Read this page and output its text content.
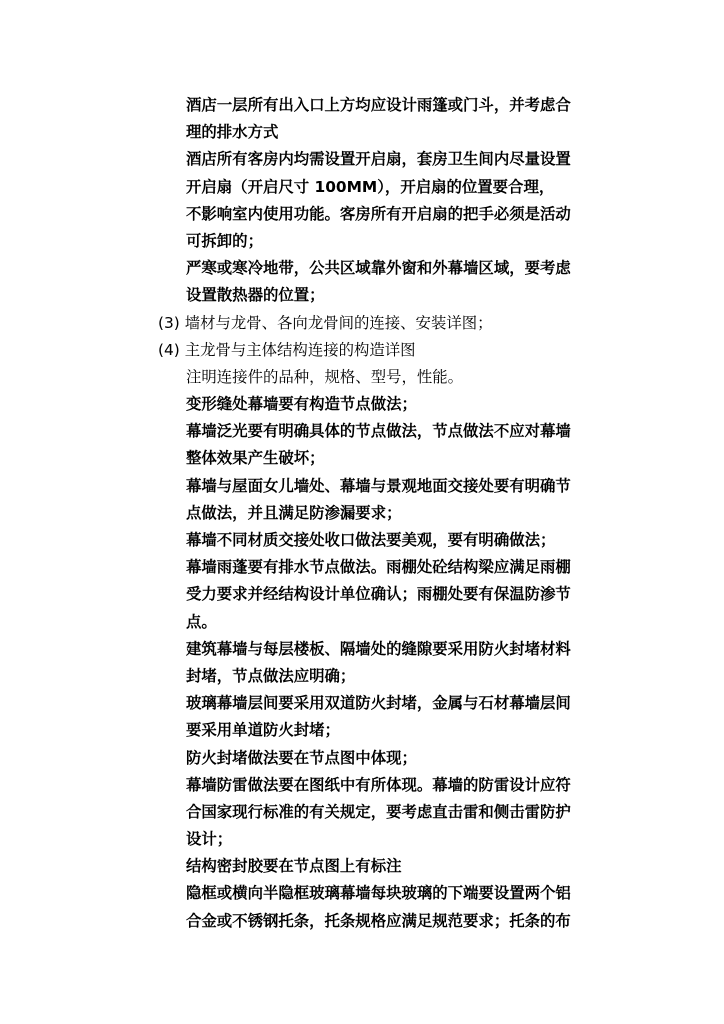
酒店一层所有出入口上方均应设计雨篷或门斗，并考虑合
理的排水方式
酒店所有客房内均需设置开启扇，套房卫生间内尽量设置
开启扇（开启尺寸 100MM），开启扇的位置要合理，
不影响室内使用功能。客房所有开启扇的把手必须是活动
可拆卸的；
严寒或寒冷地带，公共区域靠外窗和外幕墙区域，要考虑
设置散热器的位置；
(3) 墙材与龙骨、各向龙骨间的连接、安装详图；
(4) 主龙骨与主体结构连接的构造详图
注明连接件的品种，规格、型号，性能。
变形缝处幕墙要有构造节点做法；
幕墙泛光要有明确具体的节点做法，节点做法不应对幕墙
整体效果产生破坏；
幕墙与屋面女儿墙处、幕墙与景观地面交接处要有明确节
点做法，并且满足防渗漏要求；
幕墙不同材质交接处收口做法要美观，要有明确做法；
幕墙雨蓬要有排水节点做法。雨棚处砼结构梁应满足雨棚
受力要求并经结构设计单位确认；雨棚处要有保温防渗节
点。
建筑幕墙与每层楼板、隔墙处的缝隙要采用防火封堵材料
封堵，节点做法应明确；
玻璃幕墙层间要采用双道防火封堵，金属与石材幕墙层间
要采用单道防火封堵；
防火封堵做法要在节点图中体现；
幕墙防雷做法要在图纸中有所体现。幕墙的防雷设计应符
合国家现行标准的有关规定，要考虑直击雷和侧击雷防护
设计；
结构密封胶要在节点图上有标注
隐框或横向半隐框玻璃幕墙每块玻璃的下端要设置两个铝
合金或不锈钢托条，托条规格应满足规范要求；托条的布
